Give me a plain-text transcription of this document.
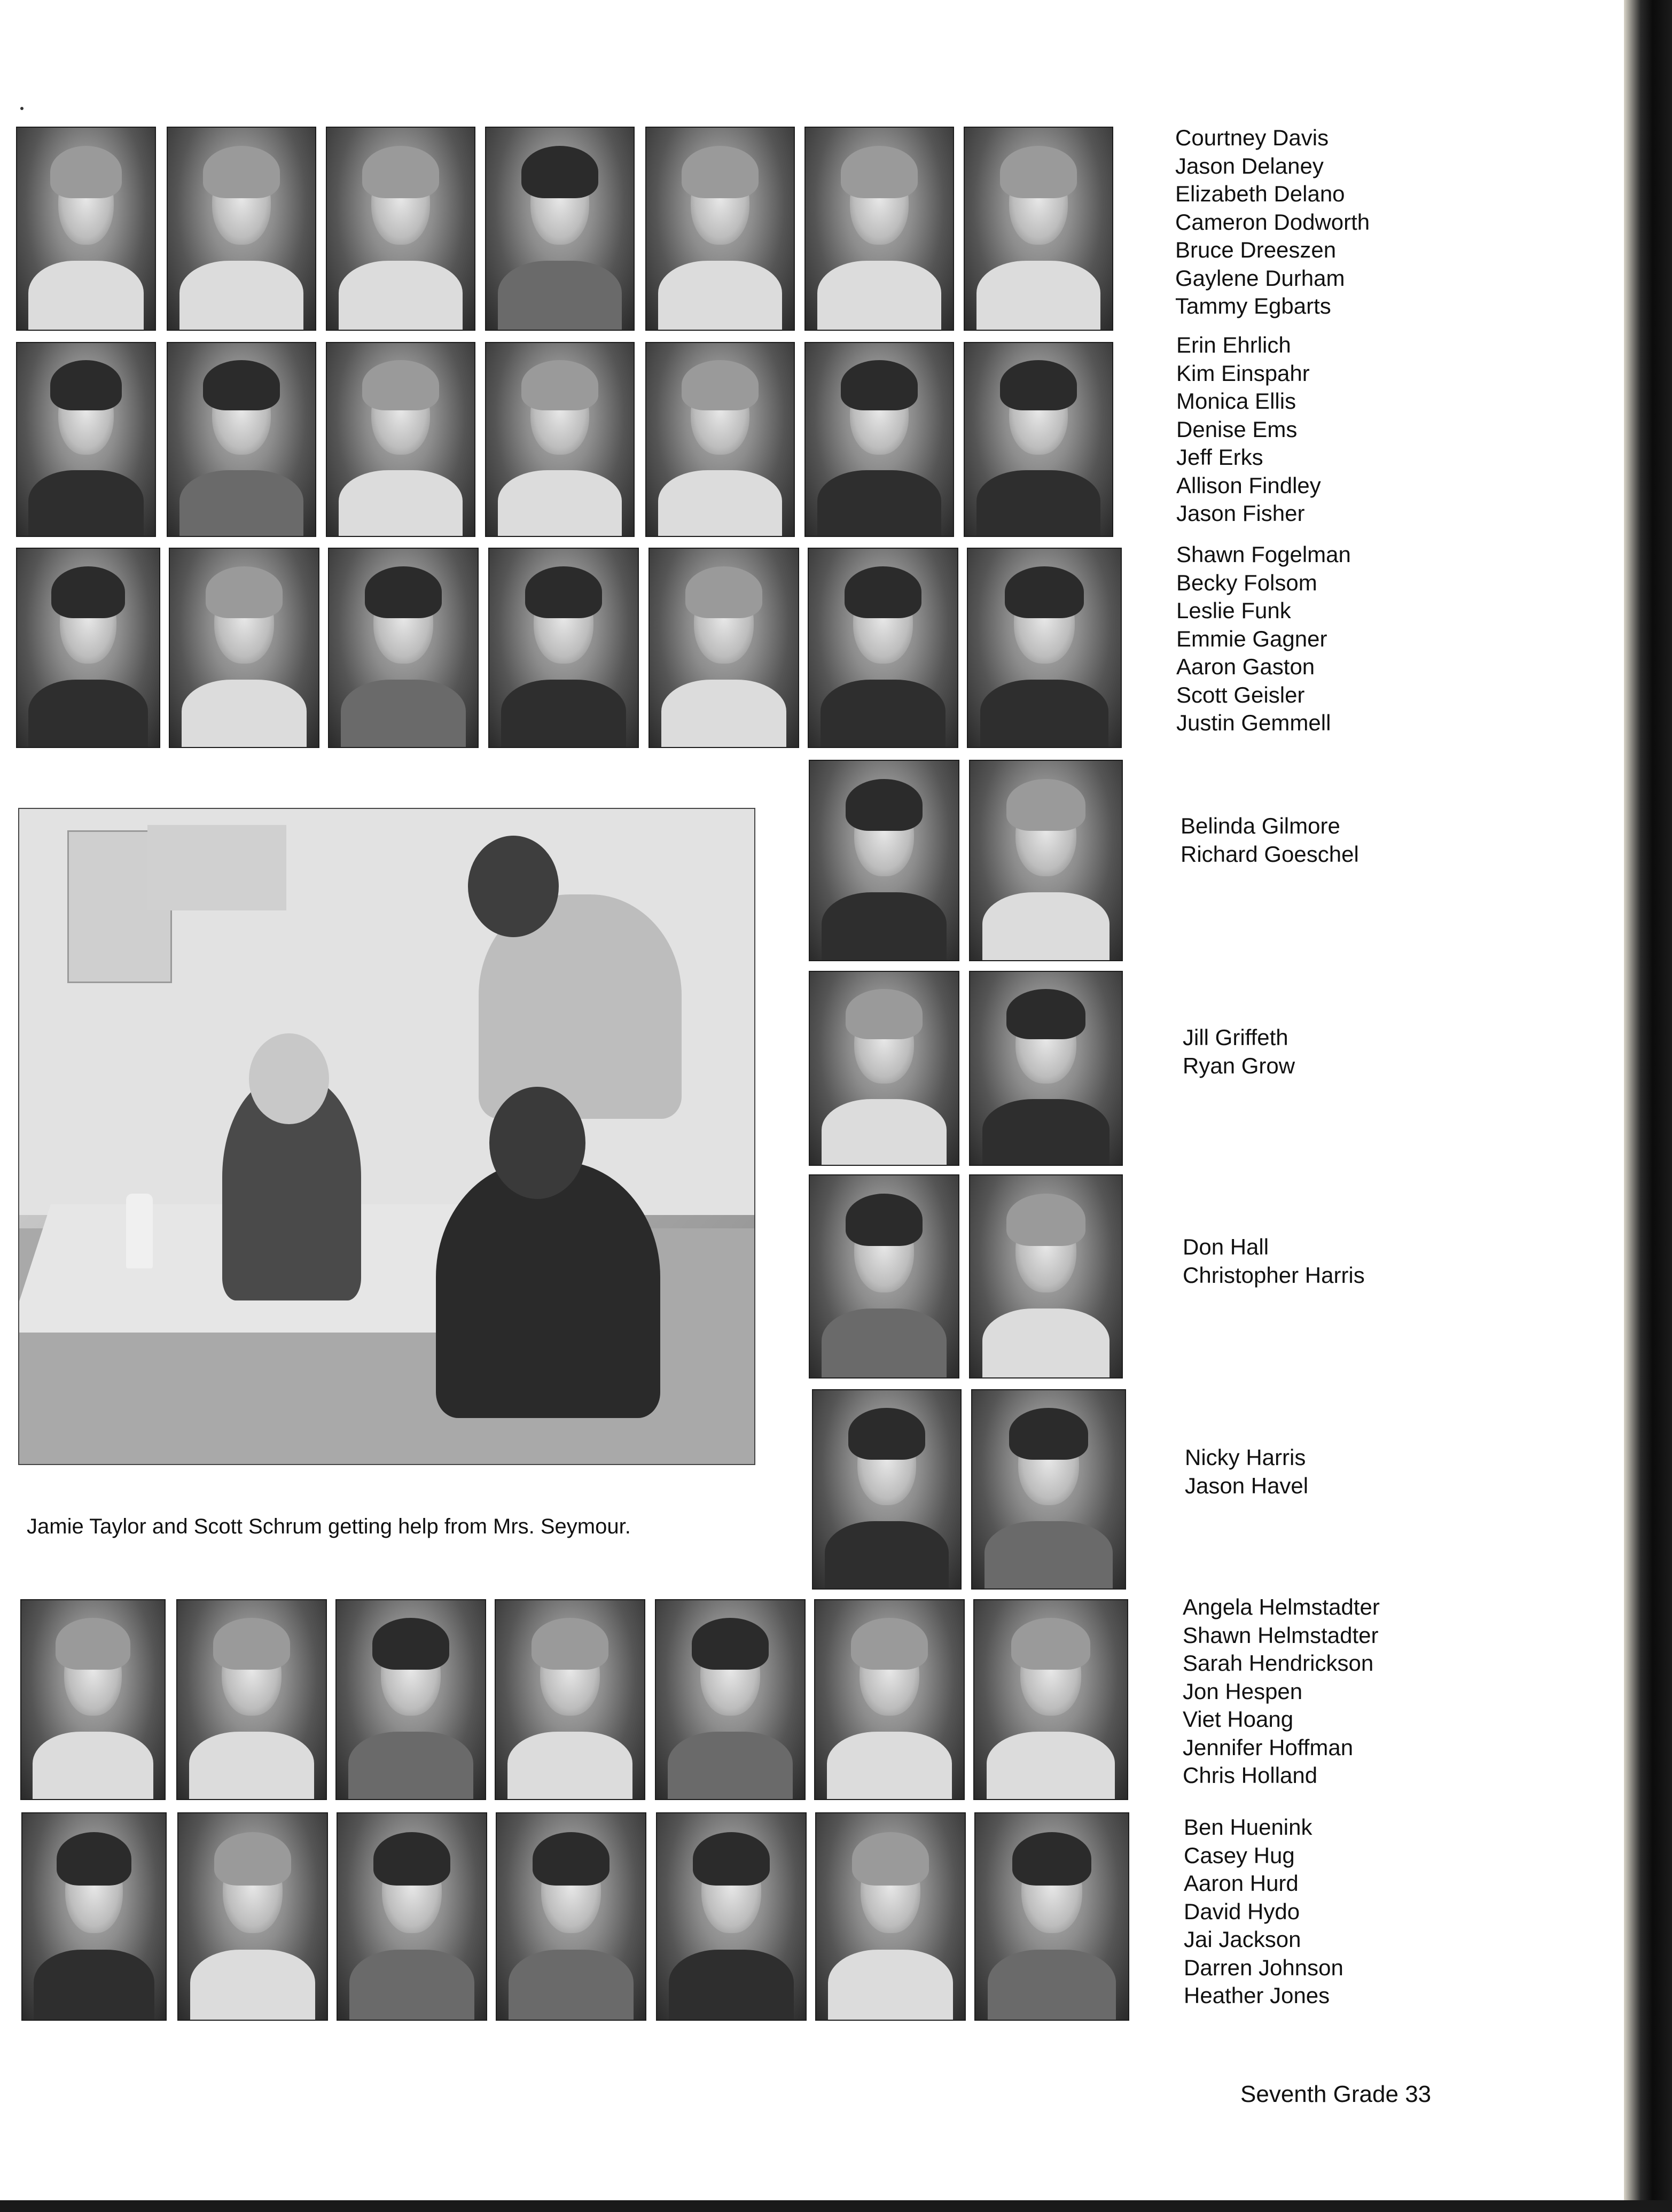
Jamie Taylor and Scott Schrum getting help from Mrs. Seymour.
Courtney Davis
Jason Delaney
Elizabeth Delano
Cameron Dodworth
Bruce Dreeszen
Gaylene Durham
Tammy Egbarts
Erin Ehrlich
Kim Einspahr
Monica Ellis
Denise Ems
Jeff Erks
Allison Findley
Jason Fisher
Shawn Fogelman
Becky Folsom
Leslie Funk
Emmie Gagner
Aaron Gaston
Scott Geisler
Justin Gemmell
Belinda Gilmore
Richard Goeschel
Jill Griffeth
Ryan Grow
Don Hall
Christopher Harris
Nicky Harris
Jason Havel
Angela Helmstadter
Shawn Helmstadter
Sarah Hendrickson
Jon Hespen
Viet Hoang
Jennifer Hoffman
Chris Holland
Ben Huenink
Casey Hug
Aaron Hurd
David Hydo
Jai Jackson
Darren Johnson
Heather Jones
Seventh Grade 33
